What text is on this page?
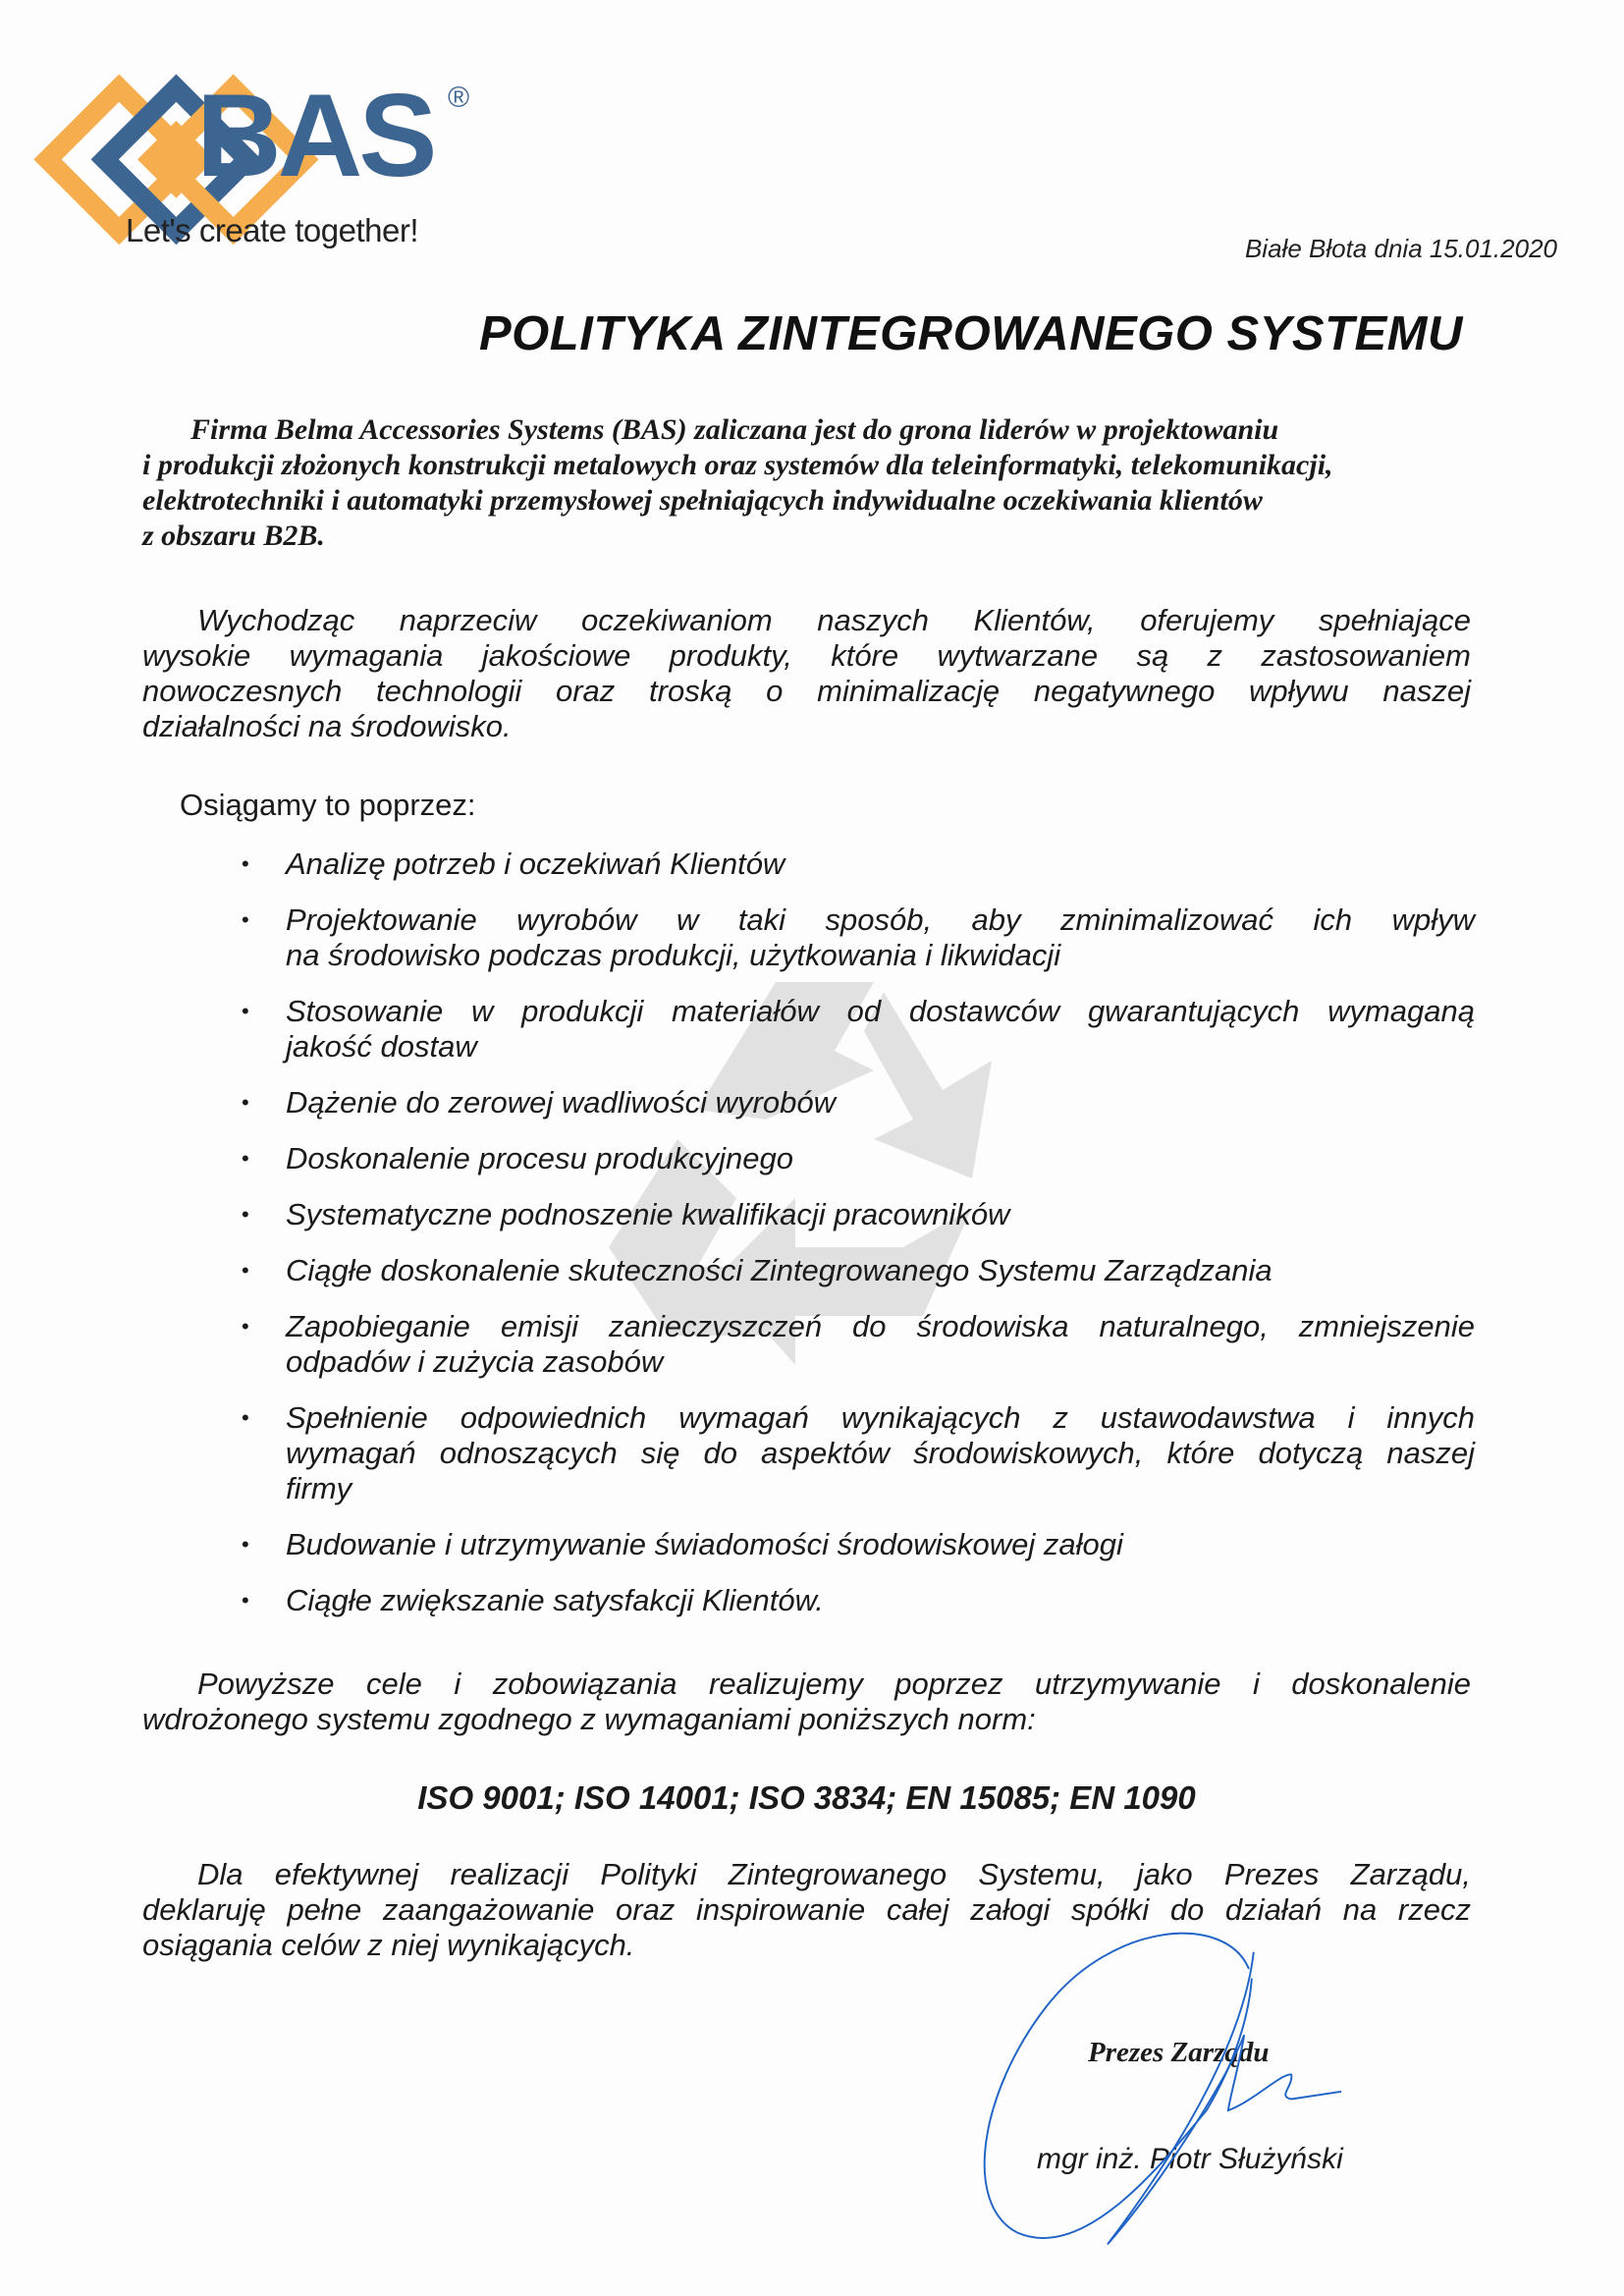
BAS ®
Let's create together!	Białe Błota dnia 15.01.2020
POLITYKA ZINTEGROWANEGO SYSTEMU
Firma Belma Accessories Systems (BAS) zaliczana jest do grona liderów w projektowaniu
i produkcji złożonych konstrukcji metalowych oraz systemów dla teleinformatyki, telekomunikacji,
elektrotechniki i automatyki przemysłowej spełniających indywidualne oczekiwania klientów
z obszaru B2B.
Wychodząc naprzeciw oczekiwaniom naszych Klientów, oferujemy spełniające
wysokie wymagania jakościowe produkty, które wytwarzane są z zastosowaniem
nowoczesnych technologii oraz troską o minimalizację negatywnego wpływu naszej
działalności na środowisko.
Osiągamy to poprzez:
• Analizę potrzeb i oczekiwań Klientów
• Projektowanie wyrobów w taki sposób, aby zminimalizować ich wpływ
na środowisko podczas produkcji, użytkowania i likwidacji
• Stosowanie w produkcji materiałów od dostawców gwarantujących wymaganą
jakość dostaw
• Dążenie do zerowej wadliwości wyrobów
• Doskonalenie procesu produkcyjnego
• Systematyczne podnoszenie kwalifikacji pracowników
• Ciągłe doskonalenie skuteczności Zintegrowanego Systemu Zarządzania
• Zapobieganie emisji zanieczyszczeń do środowiska naturalnego, zmniejszenie
odpadów i zużycia zasobów
• Spełnienie odpowiednich wymagań wynikających z ustawodawstwa i innych
wymagań odnoszących się do aspektów środowiskowych, które dotyczą naszej
firmy
• Budowanie i utrzymywanie świadomości środowiskowej załogi
• Ciągłe zwiększanie satysfakcji Klientów.
Powyższe cele i zobowiązania realizujemy poprzez utrzymywanie i doskonalenie
wdrożonego systemu zgodnego z wymaganiami poniższych norm:
ISO 9001; ISO 14001; ISO 3834; EN 15085; EN 1090
Dla efektywnej realizacji Polityki Zintegrowanego Systemu, jako Prezes Zarządu,
deklaruję pełne zaangażowanie oraz inspirowanie całej załogi spółki do działań na rzecz
osiągania celów z niej wynikających.
Prezes Zarządu
mgr inż. Piotr Służyński
